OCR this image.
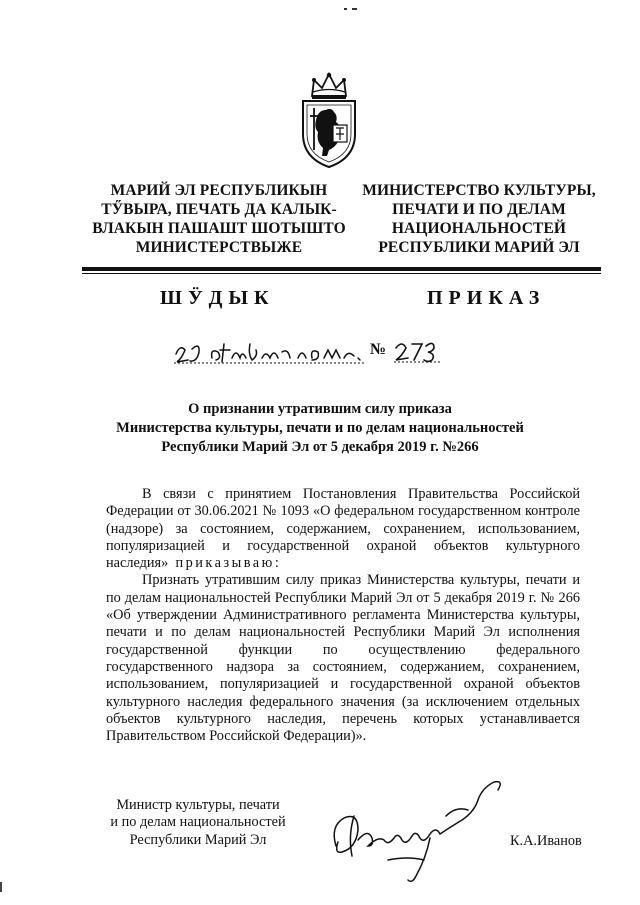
МАРИЙ ЭЛ РЕСПУБЛИКЫН
ТӲВЫРА, ПЕЧАТЬ ДА КАЛЫК-
ВЛАКЫН ПАШАШТ ШОТЫШТО
МИНИСТЕРСТВЫЖЕ
МИНИСТЕРСТВО КУЛЬТУРЫ,
ПЕЧАТИ И ПО ДЕЛАМ
НАЦИОНАЛЬНОСТЕЙ
РЕСПУБЛИКИ МАРИЙ ЭЛ
ШӰДЫК	ПРИКАЗ
№
О признании утратившим силу приказа
Министерства культуры, печати и по делам национальностей
Республики Марий Эл от 5 декабря 2019 г. №266

В связи с принятием Постановления Правительства Российской Федерации от 30.06.2021 № 1093 «О федеральном государственном контроле (надзоре) за состоянием, содержанием, сохранением, использованием, популяризацией и государственной охраной объектов культурного наследия» приказываю:

Признать утратившим силу приказ Министерства культуры, печати и по делам национальностей Республики Марий Эл от 5 декабря 2019 г. № 266 «Об утверждении Административного регламента Министерства культуры, печати и по делам национальностей Республики Марий Эл исполнения государственной функции по осуществлению федерального государственного надзора за состоянием, содержанием, сохранением, использованием, популяризацией и государственной охраной объектов культурного наследия федерального значения (за исключением отдельных объектов культурного наследия, перечень которых устанавливается Правительством Российской Федерации)».

Министр культуры, печати
и по делам национальностей
Республики Марий Эл	К.А.Иванов
